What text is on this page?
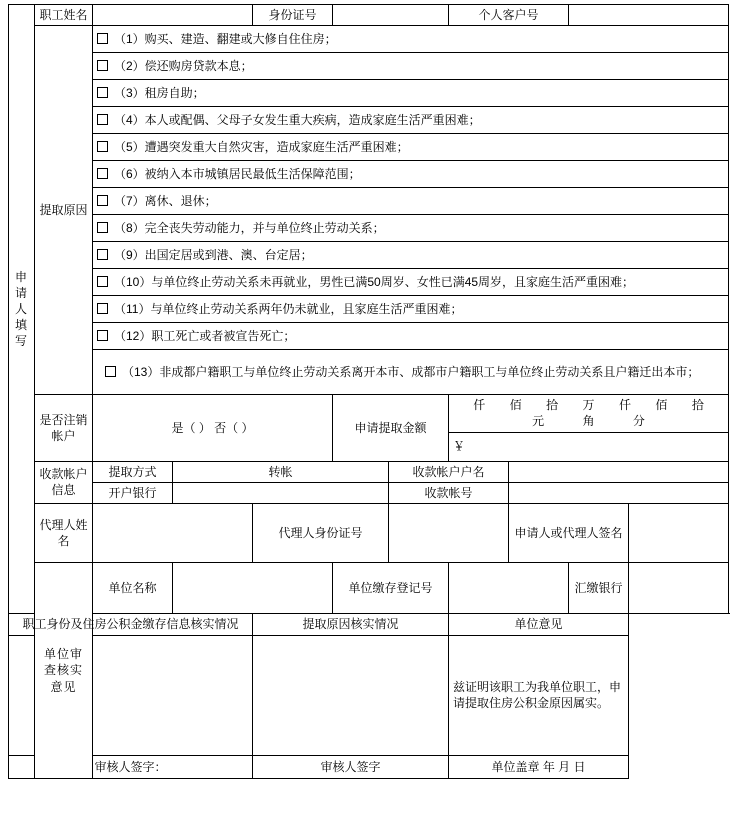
申请人填写	职工姓名			身份证号			个人客户号			
	提取原因	（1）购买、建造、翻建或大修自住住房；								
		（2）偿还购房贷款本息；								
		（3）租房自助；								
		（4）本人或配偶、父母子女发生重大疾病，造成家庭生活严重困难；								
		（5）遭遇突发重大自然灾害，造成家庭生活严重困难；								
		（6）被纳入本市城镇居民最低生活保障范围；								
		（7）离休、退休；								
		（8）完全丧失劳动能力，并与单位终止劳动关系；								
		（9）出国定居或到港、澳、台定居；								
		（10）与单位终止劳动关系未再就业，男性已满50周岁、女性已满45周岁，且家庭生活严重困难；								
		（11）与单位终止劳动关系两年仍未就业，且家庭生活严重困难；								
		（12）职工死亡或者被宣告死亡；								
		（13）非成都户籍职工与单位终止劳动关系离开本市、成都市户籍职工与单位终止劳动关系且户籍迁出本市；								
是否注销帐户	是（ ） 否（ ）	申请提取金额	
仟	佰	拾	万	仟	佰	拾
元	角	分

							￥			
	收款帐户信息	提取方式	转帐			收款帐户户名				
		开户银行				收款帐号				
	代理人姓名			代理人身份证号				申请人或代理人签名		

	单位审查核实意见	单位名称			单位缴存登记号				汇缴银行	
职工身份及住房公积金缴存信息核实情况				提取原因核实情况			单位意见			
							兹证明该职工为我单位职工，申请提取住房公积金原因属实。			
审核人签字：				审核人签字			单位盖章 年 月 日			
